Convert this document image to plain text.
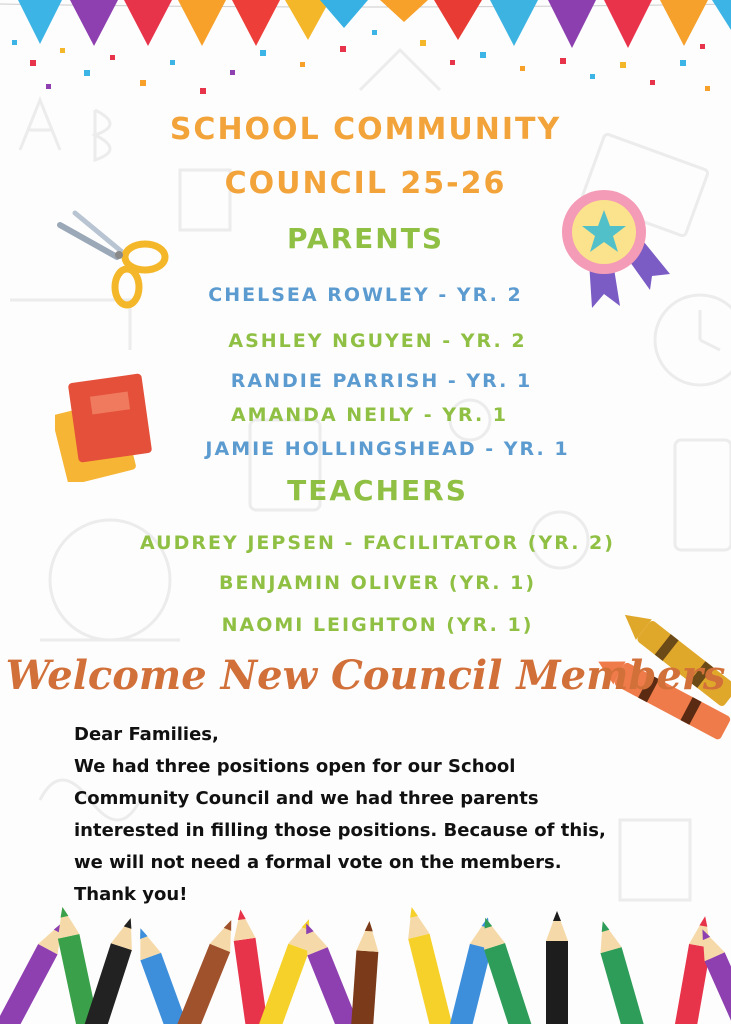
SCHOOL COMMUNITY
COUNCIL 25-26
PARENTS
CHELSEA ROWLEY - YR. 2
ASHLEY NGUYEN - YR. 2
RANDIE PARRISH - YR. 1
AMANDA NEILY - YR. 1
JAMIE HOLLINGSHEAD - YR. 1
TEACHERS
AUDREY JEPSEN - FACILITATOR (YR. 2)
BENJAMIN OLIVER (YR. 1)
NAOMI LEIGHTON (YR. 1)
Welcome New Council Members
Dear Families,
We had three positions open for our School
Community Council and we had three parents
interested in filling those positions. Because of this,
we will not need a formal vote on the members.
Thank you!
